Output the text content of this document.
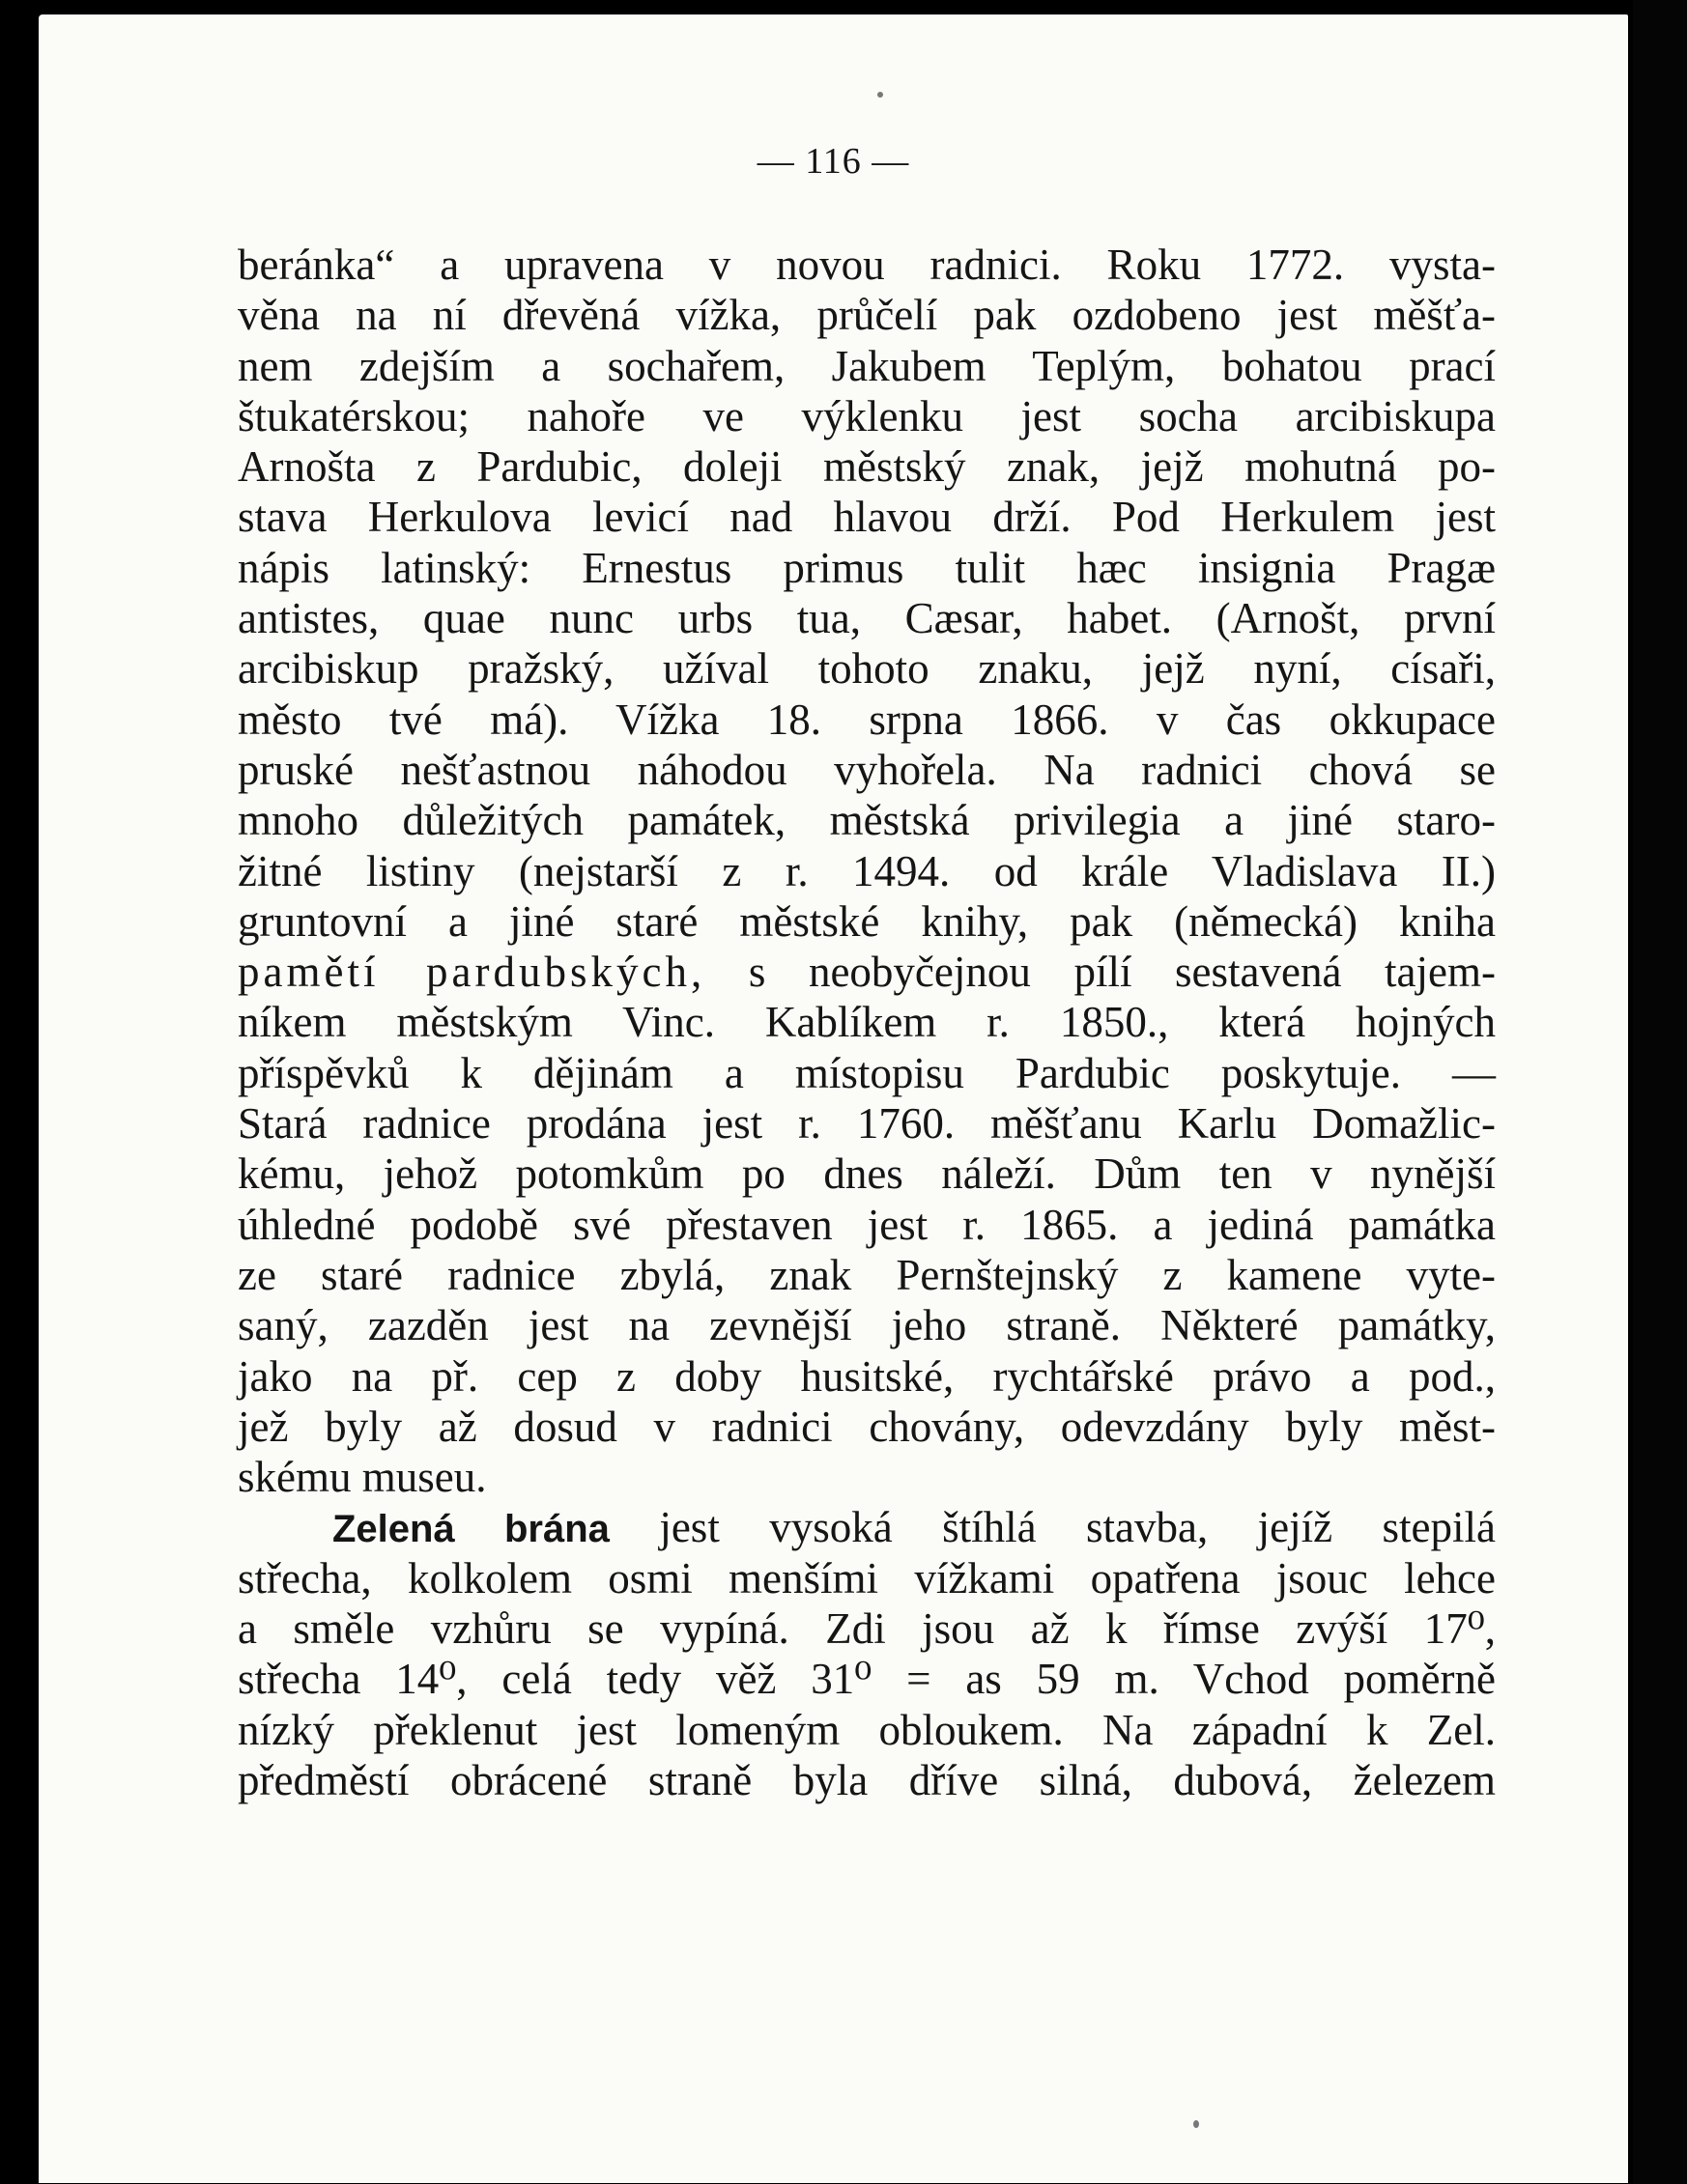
— 116 —
beránka“ a upravena v novou radnici. Roku 1772. vysta-
věna na ní dřevěná vížka, průčelí pak ozdobeno jest měšťa-
nem zdejším a sochařem, Jakubem Teplým, bohatou prací
štukatérskou; nahoře ve výklenku jest socha arcibiskupa
Arnošta z Pardubic, doleji městský znak, jejž mohutná po-
stava Herkulova levicí nad hlavou drží. Pod Herkulem jest
nápis latinský: Ernestus primus tulit hæc insignia Pragæ
antistes, quae nunc urbs tua, Cæsar, habet. (Arnošt, první
arcibiskup pražský, užíval tohoto znaku, jejž nyní, císaři,
město tvé má). Vížka 18. srpna 1866. v čas okkupace
pruské nešťastnou náhodou vyhořela. Na radnici chová se
mnoho důležitých památek, městská privilegia a jiné staro-
žitné listiny (nejstarší z r. 1494. od krále Vladislava II.)
gruntovní a jiné staré městské knihy, pak (německá) kniha
pamětí pardubských, s neobyčejnou pílí sestavená tajem-
níkem městským Vinc. Kablíkem r. 1850., která hojných
příspěvků k dějinám a místopisu Pardubic poskytuje. —
Stará radnice prodána jest r. 1760. měšťanu Karlu Domažlic-
kému, jehož potomkům po dnes náleží. Dům ten v nynější
úhledné podobě své přestaven jest r. 1865. a jediná památka
ze staré radnice zbylá, znak Pernštejnský z kamene vyte-
saný, zazděn jest na zevnější jeho straně. Některé památky,
jako na př. cep z doby husitské, rychtářské právo a pod.,
jež byly až dosud v radnici chovány, odevzdány byly měst-
skému museu.
Zelená brána jest vysoká štíhlá stavba, jejíž stepilá
střecha, kolkolem osmi menšími vížkami opatřena jsouc lehce
a směle vzhůru se vypíná. Zdi jsou až k římse zvýší 17⁰,
střecha 14⁰, celá tedy věž 31⁰ = as 59 m. Vchod poměrně
nízký překlenut jest lomeným obloukem. Na západní k Zel.
předměstí obrácené straně byla dříve silná, dubová, železem
